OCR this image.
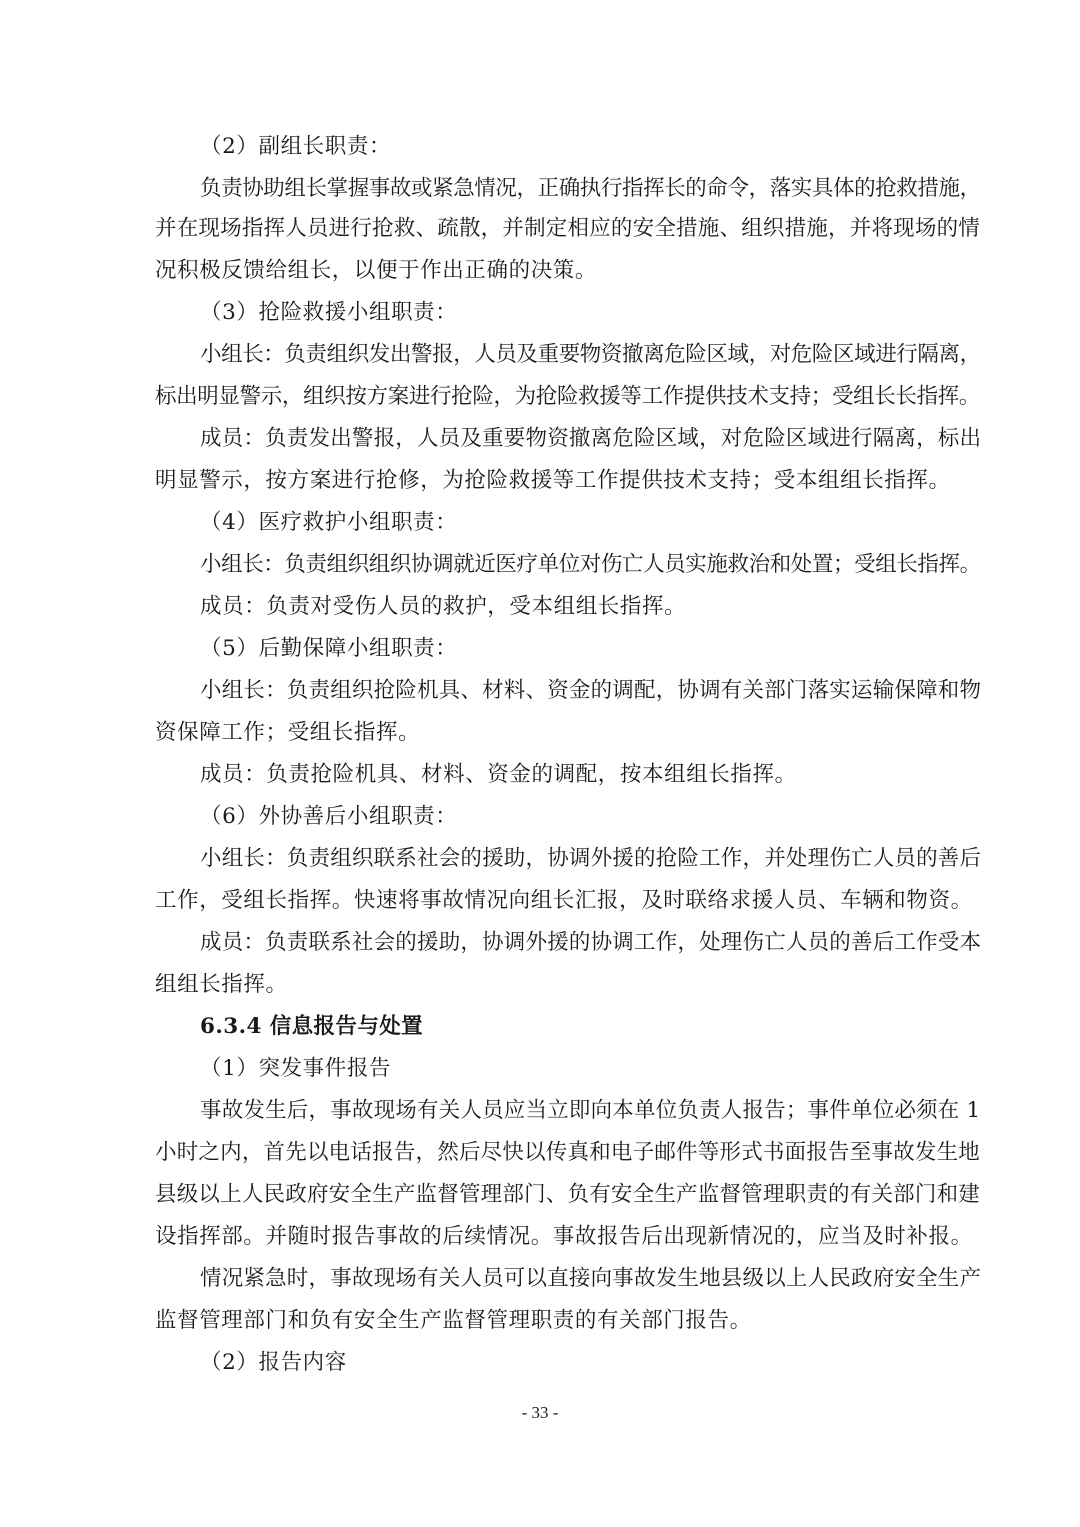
（2）副组长职责：
负责协助组长掌握事故或紧急情况，正确执行指挥长的命令，落实具体的抢救措施，
并在现场指挥人员进行抢救、疏散，并制定相应的安全措施、组织措施，并将现场的情
况积极反馈给组长，以便于作出正确的决策。
（3）抢险救援小组职责：
小组长：负责组织发出警报，人员及重要物资撤离危险区域，对危险区域进行隔离，
标出明显警示，组织按方案进行抢险，为抢险救援等工作提供技术支持；受组长长指挥。
成员：负责发出警报，人员及重要物资撤离危险区域，对危险区域进行隔离，标出
明显警示，按方案进行抢修，为抢险救援等工作提供技术支持；受本组组长指挥。
（4）医疗救护小组职责：
小组长：负责组织组织协调就近医疗单位对伤亡人员实施救治和处置；受组长指挥。
成员：负责对受伤人员的救护，受本组组长指挥。
（5）后勤保障小组职责：
小组长：负责组织抢险机具、材料、资金的调配，协调有关部门落实运输保障和物
资保障工作；受组长指挥。
成员：负责抢险机具、材料、资金的调配，按本组组长指挥。
（6）外协善后小组职责：
小组长：负责组织联系社会的援助，协调外援的抢险工作，并处理伤亡人员的善后
工作，受组长指挥。快速将事故情况向组长汇报，及时联络求援人员、车辆和物资。
成员：负责联系社会的援助，协调外援的协调工作，处理伤亡人员的善后工作受本
组组长指挥。
6.3.4 信息报告与处置
（1）突发事件报告
事故发生后，事故现场有关人员应当立即向本单位负责人报告；事件单位必须在 1
小时之内，首先以电话报告，然后尽快以传真和电子邮件等形式书面报告至事故发生地
县级以上人民政府安全生产监督管理部门、负有安全生产监督管理职责的有关部门和建
设指挥部。并随时报告事故的后续情况。事故报告后出现新情况的，应当及时补报。
情况紧急时，事故现场有关人员可以直接向事故发生地县级以上人民政府安全生产
监督管理部门和负有安全生产监督管理职责的有关部门报告。
（2）报告内容
- 33 -
